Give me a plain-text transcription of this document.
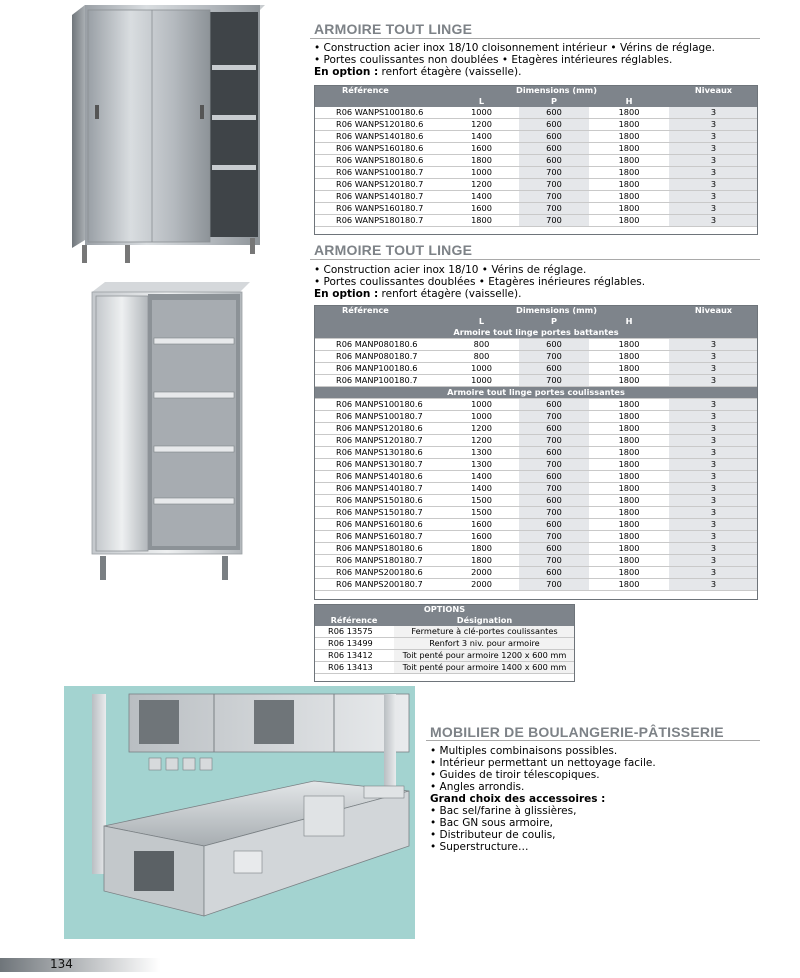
ARMOIRE TOUT LINGE
• Construction acier inox 18/10 cloisonnement intérieur • Vérins de réglage.
• Portes coulissantes non doublées • Etagères intérieures réglables.
En option : renfort étagère (vaisselle).
Référence	Dimensions (mm)			Niveaux
	L	P	H	
R06 WANPS100180.6	1000	600	1800	3
R06 WANPS120180.6	1200	600	1800	3
R06 WANPS140180.6	1400	600	1800	3
R06 WANPS160180.6	1600	600	1800	3
R06 WANPS180180.6	1800	600	1800	3
R06 WANPS100180.7	1000	700	1800	3
R06 WANPS120180.7	1200	700	1800	3
R06 WANPS140180.7	1400	700	1800	3
R06 WANPS160180.7	1600	700	1800	3
R06 WANPS180180.7	1800	700	1800	3
ARMOIRE TOUT LINGE
• Construction acier inox 18/10 • Vérins de réglage.
• Portes coulissantes doublées • Etagères inérieures réglables.
En option : renfort étagère (vaisselle).
Référence	Dimensions (mm)			Niveaux
	L	P	H	
Armoire tout linge portes battantes				
R06 MANP080180.6	800	600	1800	3
R06 MANP080180.7	800	700	1800	3
R06 MANP100180.6	1000	600	1800	3
R06 MANP100180.7	1000	700	1800	3
Armoire tout linge portes coulissantes				
R06 MANPS100180.6	1000	600	1800	3
R06 MANPS100180.7	1000	700	1800	3
R06 MANPS120180.6	1200	600	1800	3
R06 MANPS120180.7	1200	700	1800	3
R06 MANPS130180.6	1300	600	1800	3
R06 MANPS130180.7	1300	700	1800	3
R06 MANPS140180.6	1400	600	1800	3
R06 MANPS140180.7	1400	700	1800	3
R06 MANPS150180.6	1500	600	1800	3
R06 MANPS150180.7	1500	700	1800	3
R06 MANPS160180.6	1600	600	1800	3
R06 MANPS160180.7	1600	700	1800	3
R06 MANPS180180.6	1800	600	1800	3
R06 MANPS180180.7	1800	700	1800	3
R06 MANPS200180.6	2000	600	1800	3
R06 MANPS200180.7	2000	700	1800	3
OPTIONS	
Référence	Désignation
R06 13575	Fermeture à clé-portes coulissantes
R06 13499	Renfort 3 niv. pour armoire
R06 13412	Toit penté pour armoire 1200 x 600 mm
R06 13413	Toit penté pour armoire 1400 x 600 mm
MOBILIER DE BOULANGERIE-PÂTISSERIE
• Multiples combinaisons possibles.
• Intérieur permettant un nettoyage facile.
• Guides de tiroir télescopiques.
• Angles arrondis.
Grand choix des accessoires :
• Bac sel/farine à glissières,
• Bac GN sous armoire,
• Distributeur de coulis,
• Superstructure…
134
